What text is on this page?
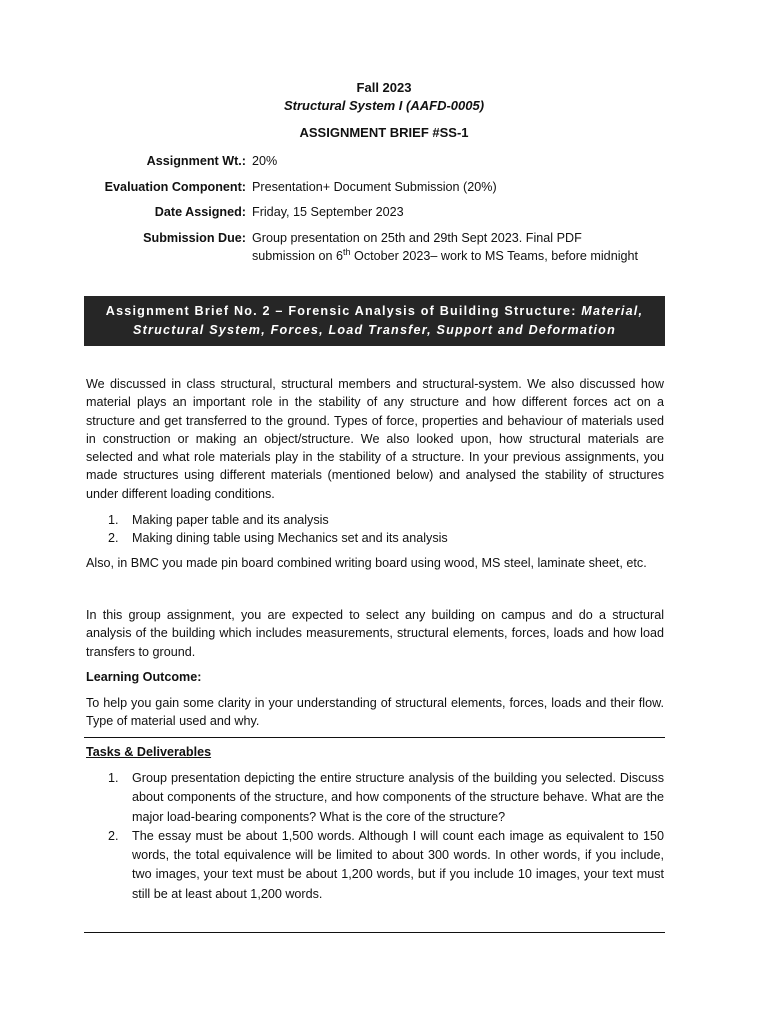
Fall 2023
Structural System I (AAFD-0005)
ASSIGNMENT BRIEF #SS-1
Assignment Wt.: 20%
Evaluation Component: Presentation+ Document Submission (20%)
Date Assigned: Friday, 15 September 2023
Submission Due: Group presentation on 25th and 29th Sept 2023. Final PDF submission on 6th October 2023– work to MS Teams, before midnight
Assignment Brief No. 2 – Forensic Analysis of Building Structure: Material,
Structural System, Forces, Load Transfer, Support and Deformation
We discussed in class structural, structural members and structural-system. We also discussed how material plays an important role in the stability of any structure and how different forces act on a structure and get transferred to the ground. Types of force, properties and behaviour of materials used in construction or making an object/structure. We also looked upon, how structural materials are selected and what role materials play in the stability of a structure. In your previous assignments, you made structures using different materials (mentioned below) and analysed the stability of structures under different loading conditions.
1. Making paper table and its analysis
2. Making dining table using Mechanics set and its analysis
Also, in BMC you made pin board combined writing board using wood, MS steel, laminate sheet, etc.
In this group assignment, you are expected to select any building on campus and do a structural analysis of the building which includes measurements, structural elements, forces, loads and how load transfers to ground.
Learning Outcome:
To help you gain some clarity in your understanding of structural elements, forces, loads and their flow. Type of material used and why.
Tasks & Deliverables
1. Group presentation depicting the entire structure analysis of the building you selected. Discuss about components of the structure, and how components of the structure behave. What are the major load-bearing components? What is the core of the structure?
2. The essay must be about 1,500 words. Although I will count each image as equivalent to 150 words, the total equivalence will be limited to about 300 words. In other words, if you include, two images, your text must be about 1,200 words, but if you include 10 images, your text must still be at least about 1,200 words.
